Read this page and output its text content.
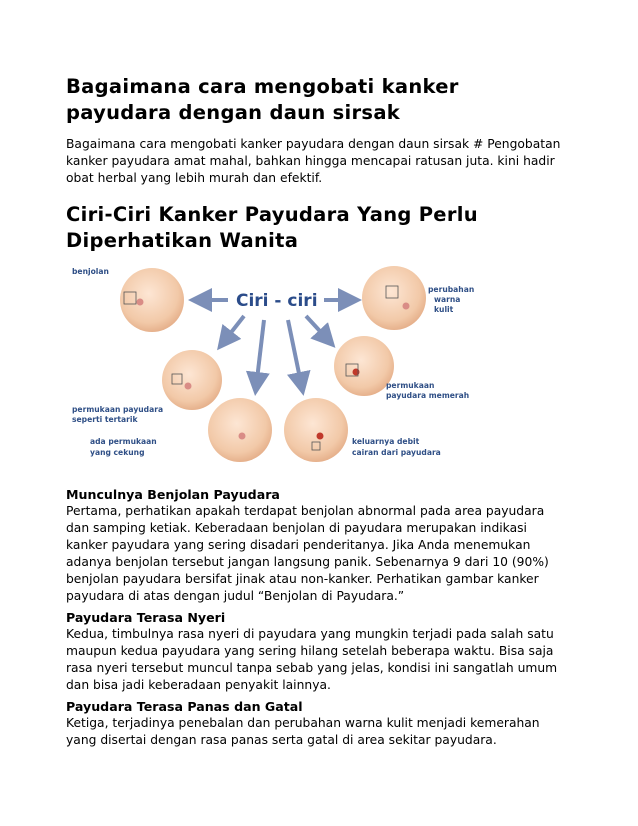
Bagaimana cara mengobati kanker payudara dengan daun sirsak

Bagaimana cara mengobati kanker payudara dengan daun sirsak # Pengobatan kanker payudara amat mahal, bahkan hingga mencapai ratusan juta. kini hadir obat herbal yang lebih murah dan efektif.

Ciri-Ciri Kanker Payudara Yang Perlu Diperhatikan Wanita
Ciri - ciri
benjolan
perubahan
warna
kulit
permukaan payudara
seperti tertarik
permukaan
payudara memerah
ada permukaan
yang cekung
keluarnya debit
cairan dari payudara
Munculnya Benjolan Payudara

Pertama, perhatikan apakah terdapat benjolan abnormal pada area payudara dan samping ketiak. Keberadaan benjolan di payudara merupakan indikasi kanker payudara yang sering disadari penderitanya. Jika Anda menemukan adanya benjolan tersebut jangan langsung panik. Sebenarnya 9 dari 10 (90%) benjolan payudara bersifat jinak atau non-kanker. Perhatikan gambar kanker payudara di atas dengan judul “Benjolan di Payudara.”

Payudara Terasa Nyeri

Kedua, timbulnya rasa nyeri di payudara yang mungkin terjadi pada salah satu maupun kedua payudara yang sering hilang setelah beberapa waktu. Bisa saja rasa nyeri tersebut muncul tanpa sebab yang jelas, kondisi ini sangatlah umum dan bisa jadi keberadaan penyakit lainnya.

Payudara Terasa Panas dan Gatal

Ketiga, terjadinya penebalan dan perubahan warna kulit menjadi kemerahan yang disertai dengan rasa panas serta gatal di area sekitar payudara.
